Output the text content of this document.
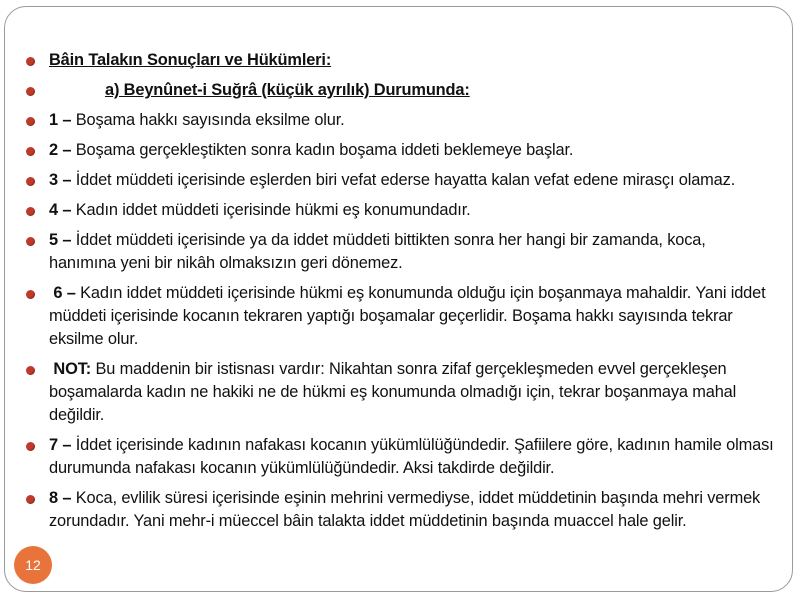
Bâin Talakın Sonuçları ve Hükümleri:
a) Beynûnet-i Suğrâ (küçük ayrılık) Durumunda:
1 – Boşama hakkı sayısında eksilme olur.
2 – Boşama gerçekleştikten sonra kadın boşama iddeti beklemeye başlar.
3 – İddet müddeti içerisinde eşlerden biri vefat ederse hayatta kalan vefat edene mirasçı olamaz.
4 – Kadın iddet müddeti içerisinde hükmi eş konumundadır.
5 – İddet müddeti içerisinde ya da iddet müddeti bittikten sonra her hangi bir zamanda, koca, hanımına yeni bir nikâh olmaksızın geri dönemez.
6 – Kadın iddet müddeti içerisinde hükmi eş konumunda olduğu için boşanmaya mahaldir. Yani iddet müddeti içerisinde kocanın tekraren yaptığı boşamalar geçerlidir. Boşama hakkı sayısında tekrar eksilme olur.
NOT: Bu maddenin bir istisnası vardır: Nikahtan sonra zifaf gerçekleşmeden evvel gerçekleşen boşamalarda kadın ne hakiki ne de hükmi eş konumunda olmadığı için, tekrar boşanmaya mahal değildir.
7 – İddet içerisinde kadının nafakası kocanın yükümlülüğündedir. Şafiilere göre, kadının hamile olması durumunda nafakası kocanın yükümlülüğündedir. Aksi takdirde değildir.
8 – Koca, evlilik süresi içerisinde eşinin mehrini vermediyse, iddet müddetinin başında mehri vermek zorundadır. Yani mehr-i müeccel bâin talakta iddet müddetinin başında muaccel hale gelir.
12
